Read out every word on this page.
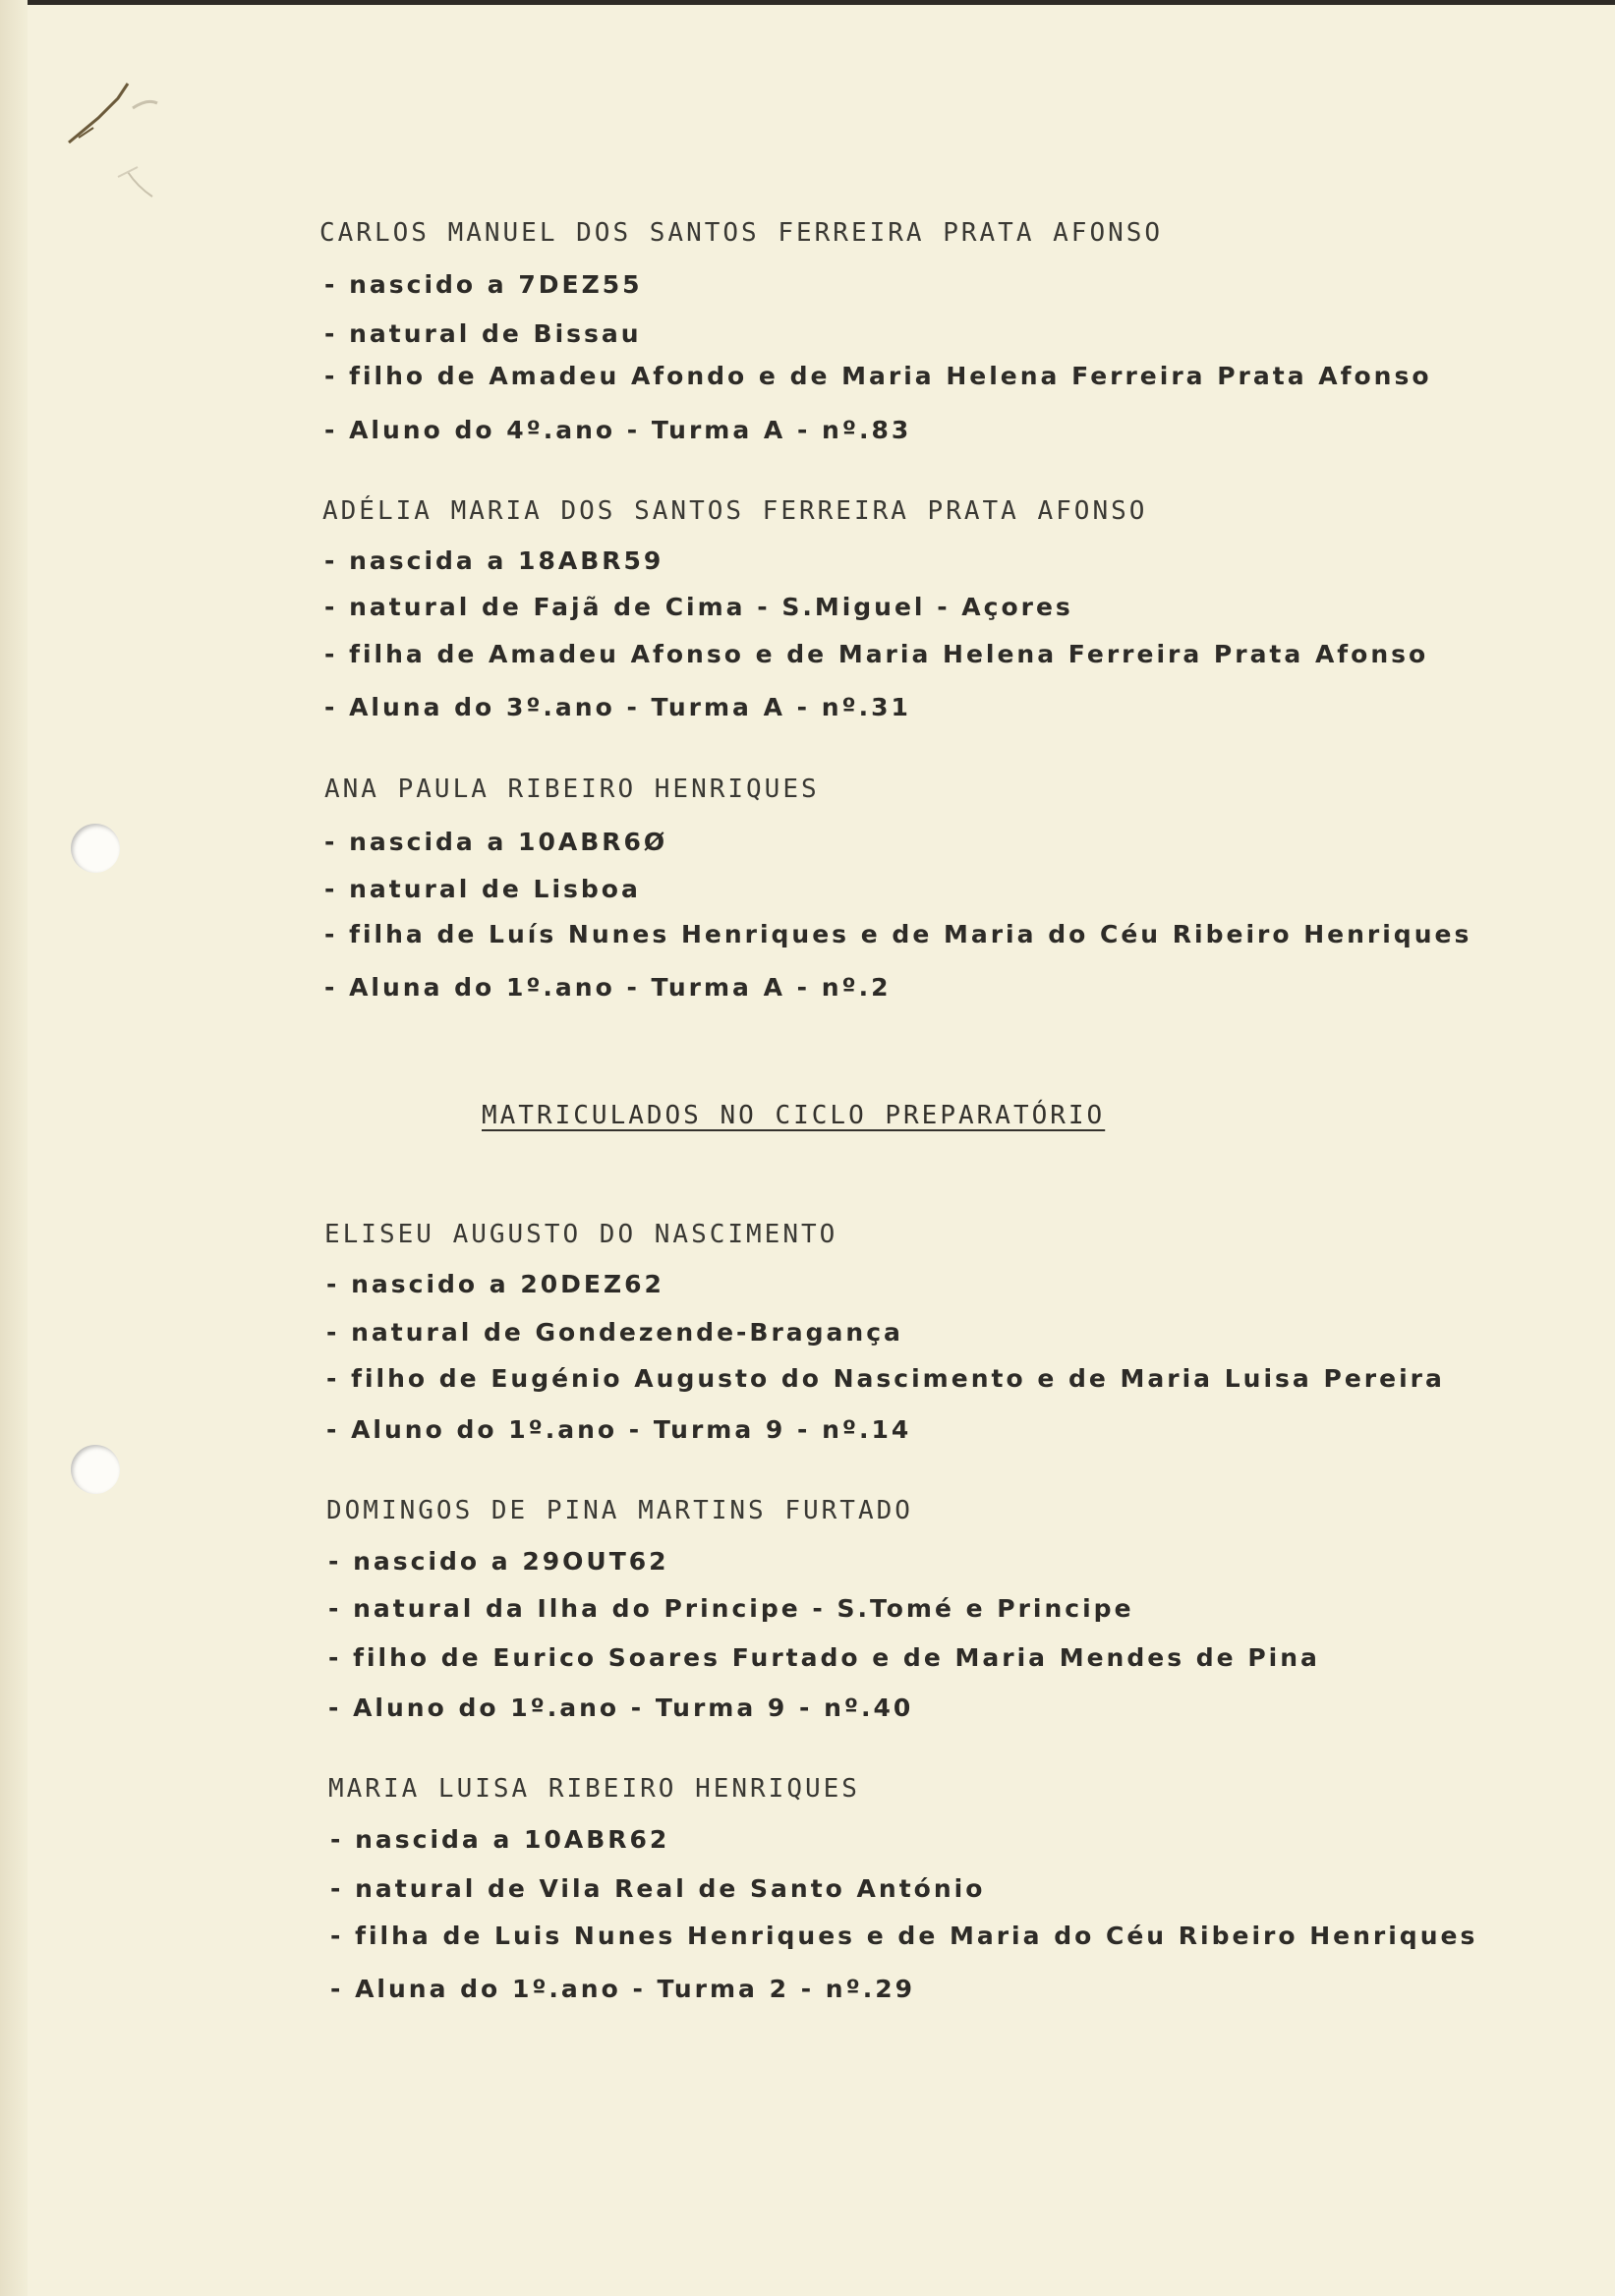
CARLOS MANUEL DOS SANTOS FERREIRA PRATA AFONSO
- nascido a 7DEZ55
- natural de Bissau
- filho de Amadeu Afondo e de Maria Helena Ferreira Prata Afonso
- Aluno do 4º.ano - Turma A - nº.83
ADÉLIA MARIA DOS SANTOS FERREIRA PRATA AFONSO
- nascida a 18ABR59
- natural de Fajã de Cima - S.Miguel - Açores
- filha de Amadeu Afonso e de Maria Helena Ferreira Prata Afonso
- Aluna do 3º.ano - Turma A - nº.31
ANA PAULA RIBEIRO HENRIQUES
- nascida a 10ABR6Ø
- natural de Lisboa
- filha de Luís Nunes Henriques e de Maria do Céu Ribeiro Henriques
- Aluna do 1º.ano - Turma A - nº.2
MATRICULADOS NO CICLO PREPARATÓRIO
ELISEU AUGUSTO DO NASCIMENTO
- nascido a 20DEZ62
- natural de Gondezende-Bragança
- filho de Eugénio Augusto do Nascimento e de Maria Luisa Pereira
- Aluno do 1º.ano - Turma 9 - nº.14
DOMINGOS DE PINA MARTINS FURTADO
- nascido a 29OUT62
- natural da Ilha do Principe - S.Tomé e Principe
- filho de Eurico Soares Furtado e de Maria Mendes de Pina
- Aluno do 1º.ano - Turma 9 - nº.40
MARIA LUISA RIBEIRO HENRIQUES
- nascida a 10ABR62
- natural de Vila Real de Santo António
- filha de Luis Nunes Henriques e de Maria do Céu Ribeiro Henriques
- Aluna do 1º.ano - Turma 2 - nº.29
